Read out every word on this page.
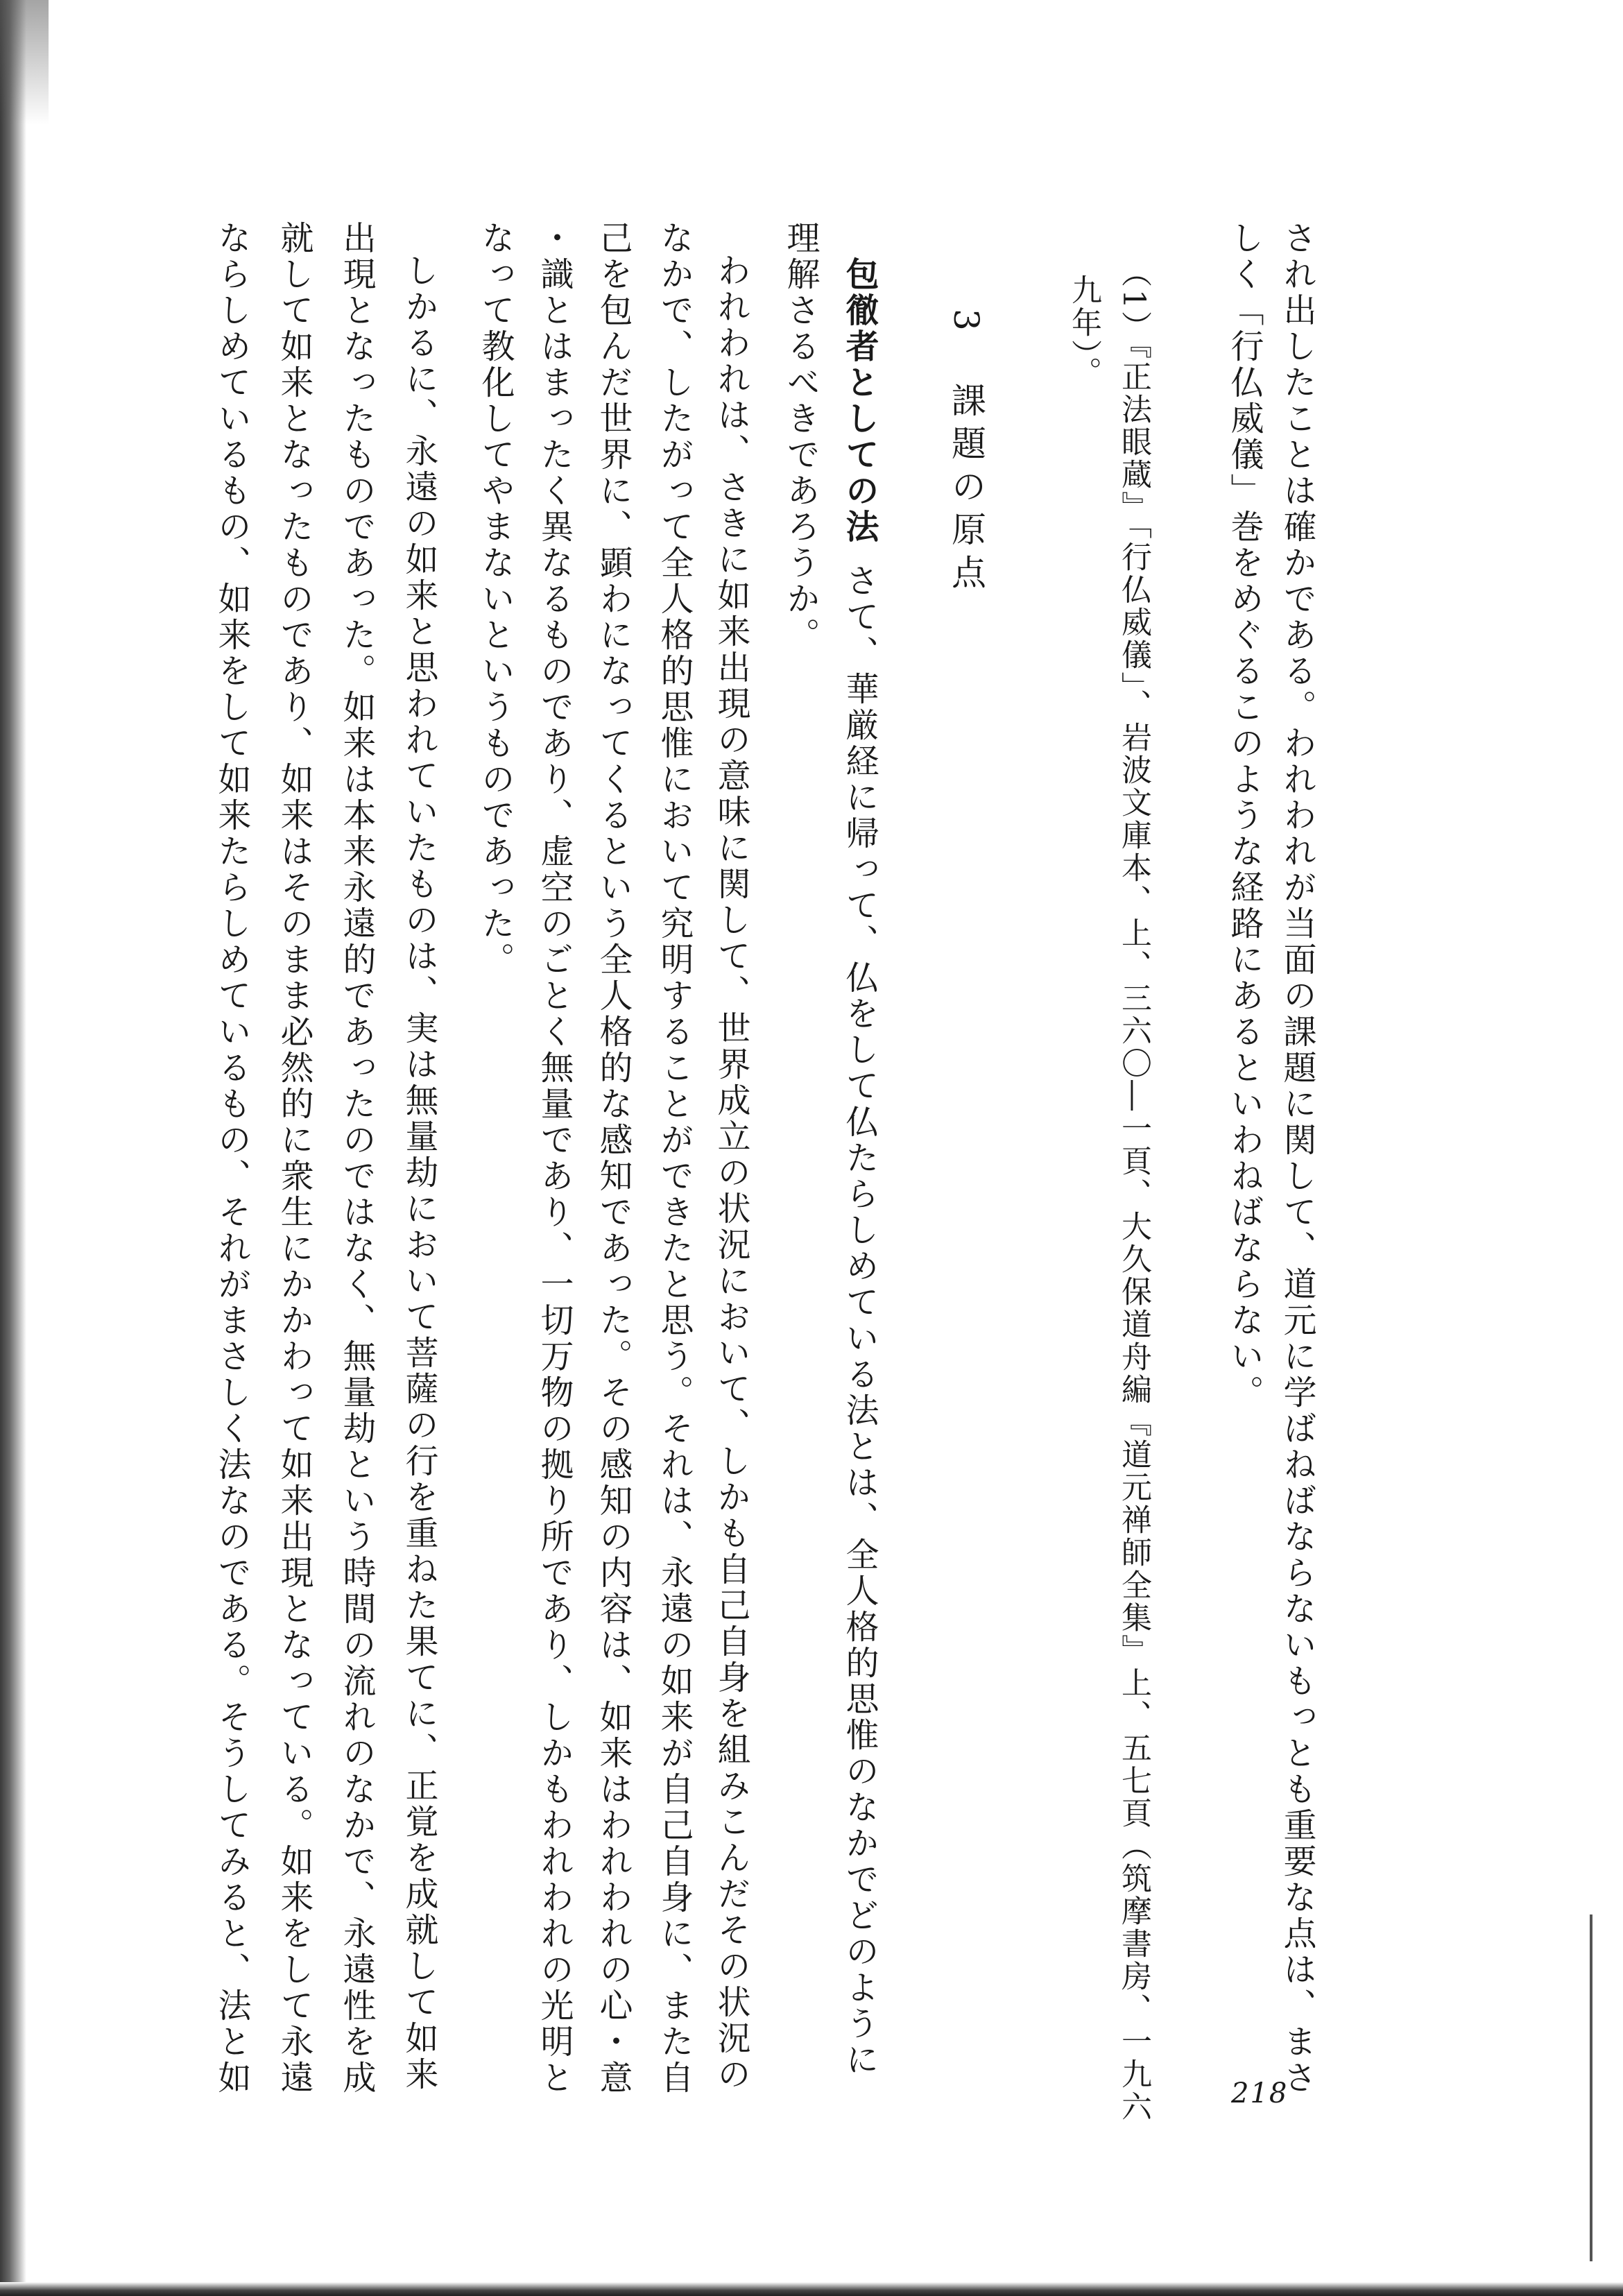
され出したことは確かである。われわれが当面の課題に関して、道元に学ばねばならないもっとも重要な点は、まさ
しく「行仏威儀」巻をめぐるこのような経路にあるといわねばならない。
（1）『正法眼蔵』「行仏威儀」、岩波文庫本、上、三六〇―一頁、大久保道舟編『道元禅師全集』上、五七頁（筑摩書房、一九六
九年）。
3　課題の原点
包徹者としての法さて、華厳経に帰って、仏をして仏たらしめている法とは、全人格的思惟のなかでどのように
理解さるべきであろうか。
われわれは、さきに如来出現の意味に関して、世界成立の状況において、しかも自己自身を組みこんだその状況の
なかで、したがって全人格的思惟において究明することができたと思う。それは、永遠の如来が自己自身に、また自
己を包んだ世界に、顕わになってくるという全人格的な感知であった。その感知の内容は、如来はわれわれの心・意
・識とはまったく異なるものであり、虚空のごとく無量であり、一切万物の拠り所であり、しかもわれわれの光明と
なって教化してやまないというものであった。
しかるに、永遠の如来と思われていたものは、実は無量劫において菩薩の行を重ねた果てに、正覚を成就して如来
出現となったものであった。如来は本来永遠的であったのではなく、無量劫という時間の流れのなかで、永遠性を成
就して如来となったものであり、如来はそのまま必然的に衆生にかかわって如来出現となっている。如来をして永遠
ならしめているもの、如来をして如来たらしめているもの、それがまさしく法なのである。そうしてみると、法と如	218
